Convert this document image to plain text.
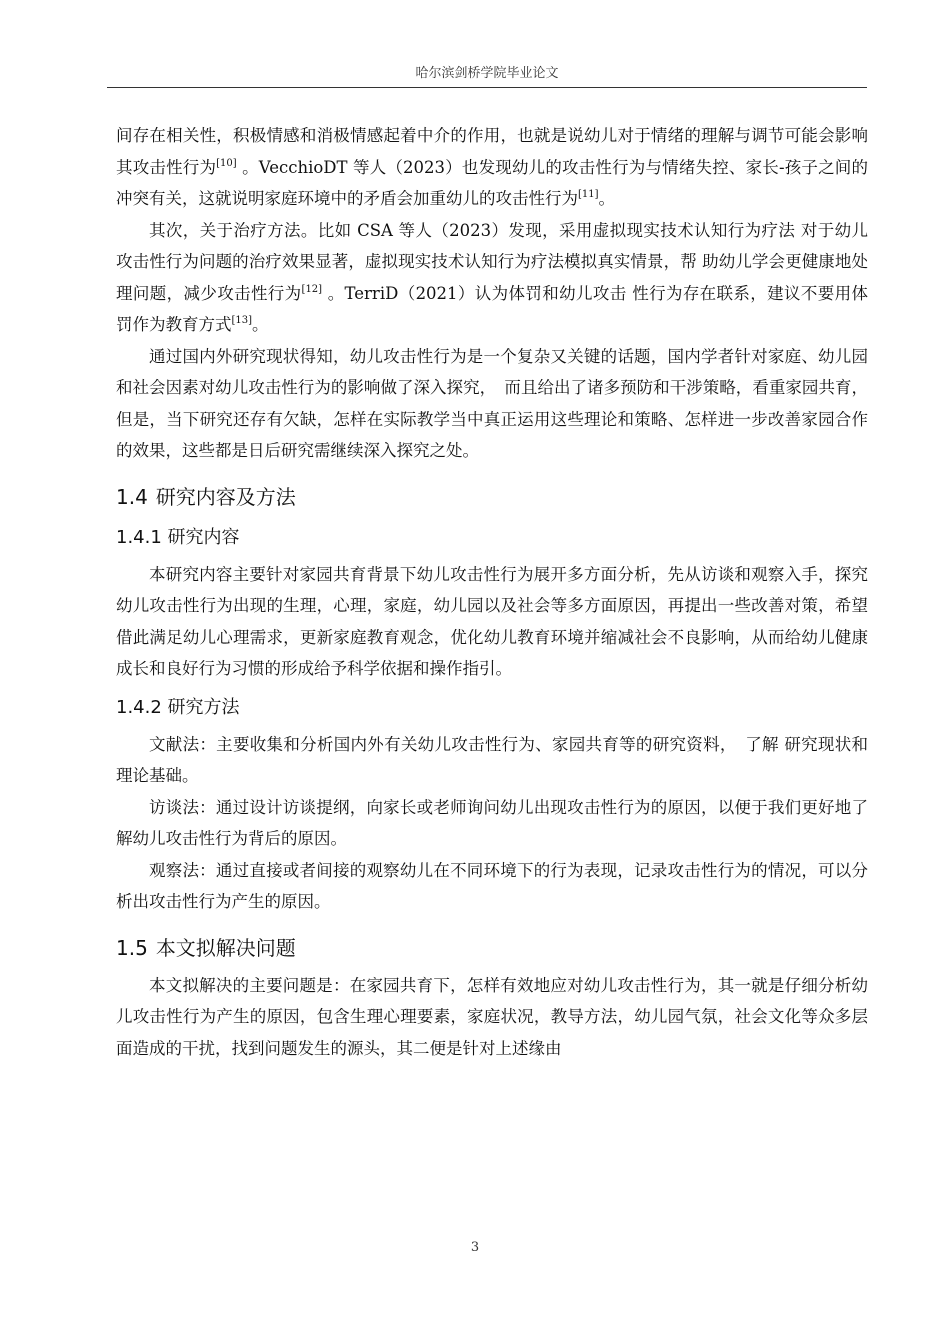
哈尔滨剑桥学院毕业论文

间存在相关性，积极情感和消极情感起着中介的作用，也就是说幼儿对于情绪的理解与调节可能会影响其攻击性行为[10] 。VecchioDT 等人（2023）也发现幼儿的攻击性行为与情绪失控、家长-孩子之间的冲突有关，这就说明家庭环境中的矛盾会加重幼儿的攻击性行为[11]。

其次，关于治疗方法。比如 CSA 等人（2023）发现，采用虚拟现实技术认知行为疗法 对于幼儿攻击性行为问题的治疗效果显著，虚拟现实技术认知行为疗法模拟真实情景，帮 助幼儿学会更健康地处理问题，减少攻击性行为[12] 。TerriD（2021）认为体罚和幼儿攻击 性行为存在联系，建议不要用体罚作为教育方式[13]。

通过国内外研究现状得知，幼儿攻击性行为是一个复杂又关键的话题，国内学者针对家庭、幼儿园和社会因素对幼儿攻击性行为的影响做了深入探究，　而且给出了诸多预防和干涉策略，看重家园共育，但是，当下研究还存有欠缺，怎样在实际教学当中真正运用这些理论和策略、怎样进一步改善家园合作的效果，这些都是日后研究需继续深入探究之处。

1.4 研究内容及方法
1.4.1 研究内容

本研究内容主要针对家园共育背景下幼儿攻击性行为展开多方面分析，先从访谈和观察入手，探究幼儿攻击性行为出现的生理，心理，家庭，幼儿园以及社会等多方面原因，再提出一些改善对策，希望借此满足幼儿心理需求，更新家庭教育观念，优化幼儿教育环境并缩减社会不良影响，从而给幼儿健康成长和良好行为习惯的形成给予科学依据和操作指引。

1.4.2 研究方法

文献法：主要收集和分析国内外有关幼儿攻击性行为、家园共育等的研究资料，　了解 研究现状和理论基础。

访谈法：通过设计访谈提纲，向家长或老师询问幼儿出现攻击性行为的原因，以便于我们更好地了解幼儿攻击性行为背后的原因。

观察法：通过直接或者间接的观察幼儿在不同环境下的行为表现，记录攻击性行为的情况，可以分析出攻击性行为产生的原因。

1.5 本文拟解决问题

本文拟解决的主要问题是：在家园共育下，怎样有效地应对幼儿攻击性行为，其一就是仔细分析幼儿攻击性行为产生的原因，包含生理心理要素，家庭状况，教导方法，幼儿园气氛，社会文化等众多层面造成的干扰，找到问题发生的源头，其二便是针对上述缘由

3
